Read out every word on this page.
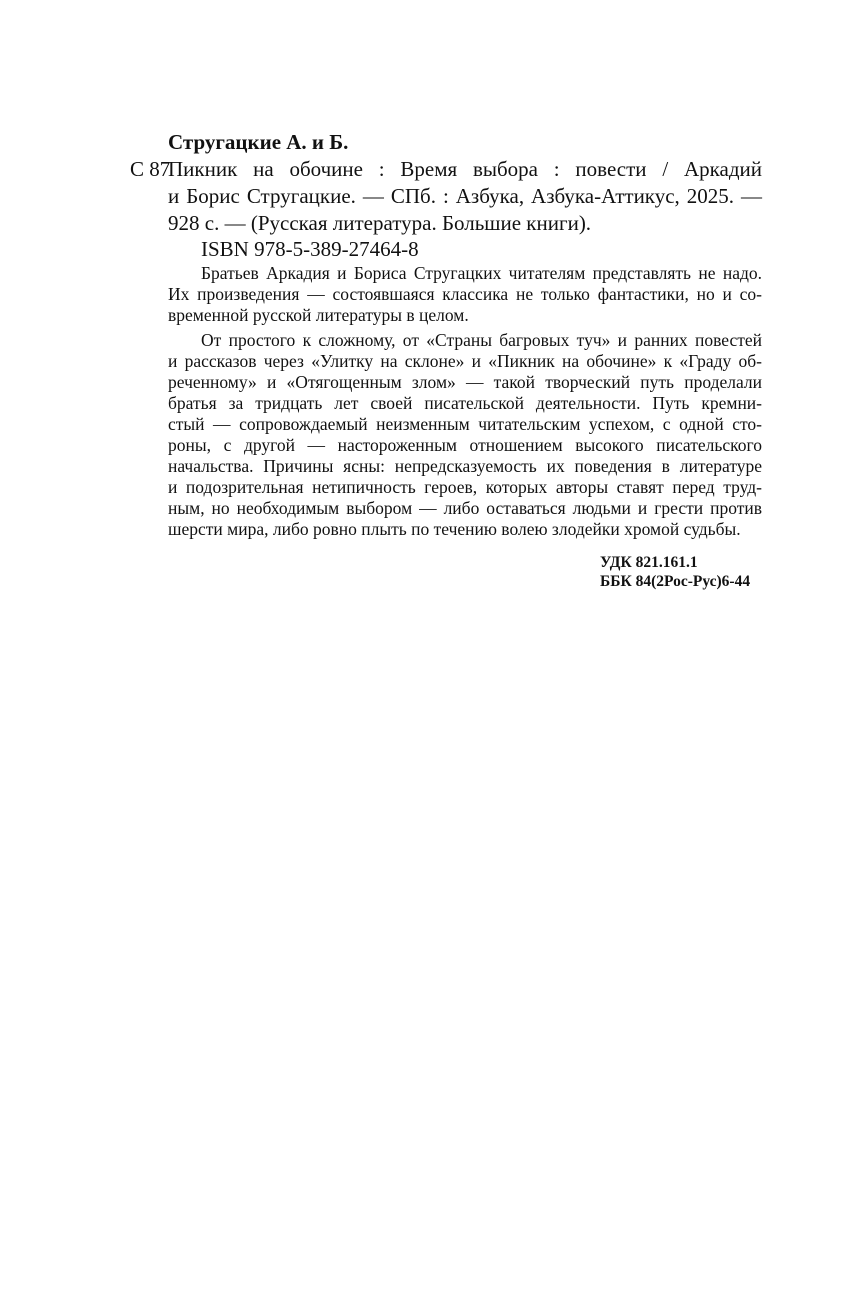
Стругацкие А. и Б.
С 87
Пикник на обочине : Время выбора : повести / Аркадий
и Борис Стругацкие. — СПб. : Азбука, Азбука-Аттикус, 2025. —
928 с. — (Русская литература. Большие книги).
ISBN 978-5-389-27464-8
Братьев Аркадия и Бориса Стругацких читателям представлять не надо.
Их произведения — состоявшаяся классика не только фантастики, но и со-
временной русской литературы в целом.
От простого к сложному, от «Страны багровых туч» и ранних повестей
и рассказов через «Улитку на склоне» и «Пикник на обочине» к «Граду об-
реченному» и «Отягощенным злом» — такой творческий путь проделали
братья за тридцать лет своей писательской деятельности. Путь кремни-
стый — сопровождаемый неизменным читательским успехом, с одной сто-
роны, с другой — настороженным отношением высокого писательского
начальства. Причины ясны: непредсказуемость их поведения в литературе
и подозрительная нетипичность героев, которых авторы ставят перед труд-
ным, но необходимым выбором — либо оставаться людьми и грести против
шерсти мира, либо ровно плыть по течению волею злодейки хромой судьбы.
УДК 821.161.1
ББК 84(2Рос-Рус)6-44
